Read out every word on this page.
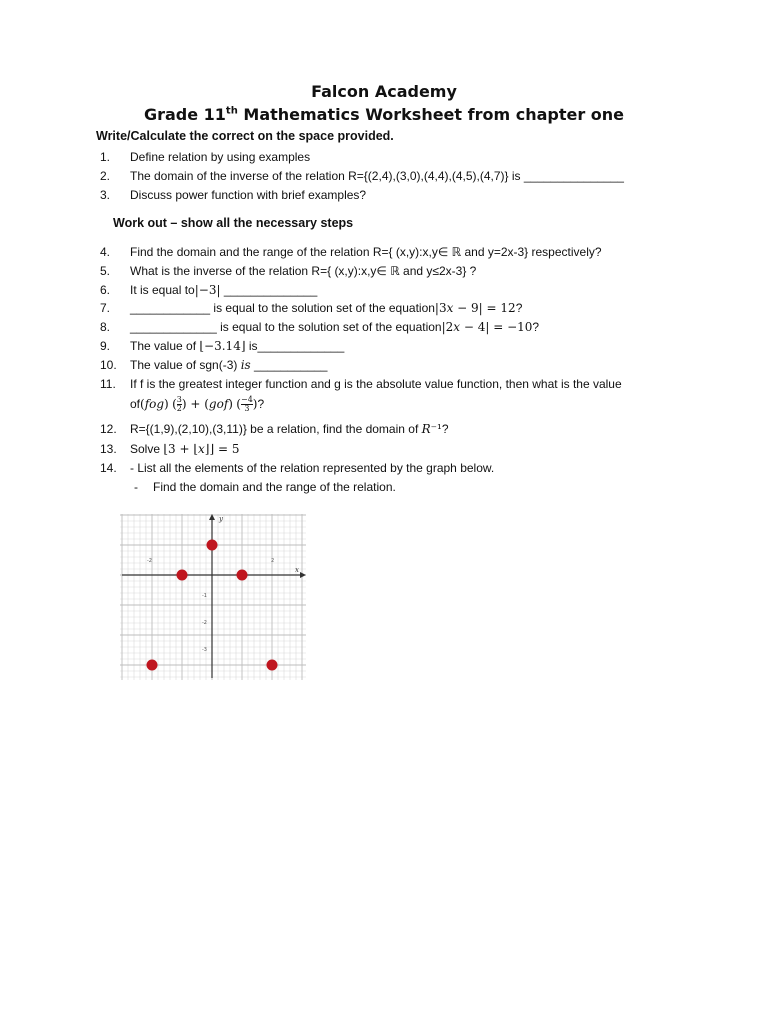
Falcon Academy
Grade 11th Mathematics Worksheet from chapter one
Write/Calculate the correct on the space provided.
1. Define relation by using examples
2. The domain of the inverse of the relation R={(2,4),(3,0),(4,4),(4,5),(4,7)} is _______________
3. Discuss power function with brief examples?
Work out – show all the necessary steps
4. Find the domain and the range of the relation R={ (x,y):x,y∈ ℝ and y=2x-3} respectively?
5. What is the inverse of the relation R={ (x,y):x,y∈ ℝ and y≤2x-3} ?
6. It is equal to|−3| ______________
7. ____________ is equal to the solution set of the equation|3𝑥 − 9| = 12?
8. _____________ is equal to the solution set of the equation|2𝑥 − 4| = −10?
9. The value of ⌊−3.14⌋ is_____________
10. The value of sgn(-3) 𝑖𝑠 ___________
11. If f is the greatest integer function and g is the absolute value function, then what is the value
of(𝑓𝑜𝑔) ( $\frac{3}{2}$ ) + (𝑔𝑜𝑓) ( $\frac{-4}{3}$ )?
12.R={(1,9),(2,10),(3,11)} be a relation, find the domain of 𝑅⁻¹?
13. Solve ⌊3 + ⌊𝑥⌋⌋ = 5
14. - List all the elements of the relation represented by the graph below.
- Find the domain and the range of the relation.
x
y
-2	2
-1
-2
-3
